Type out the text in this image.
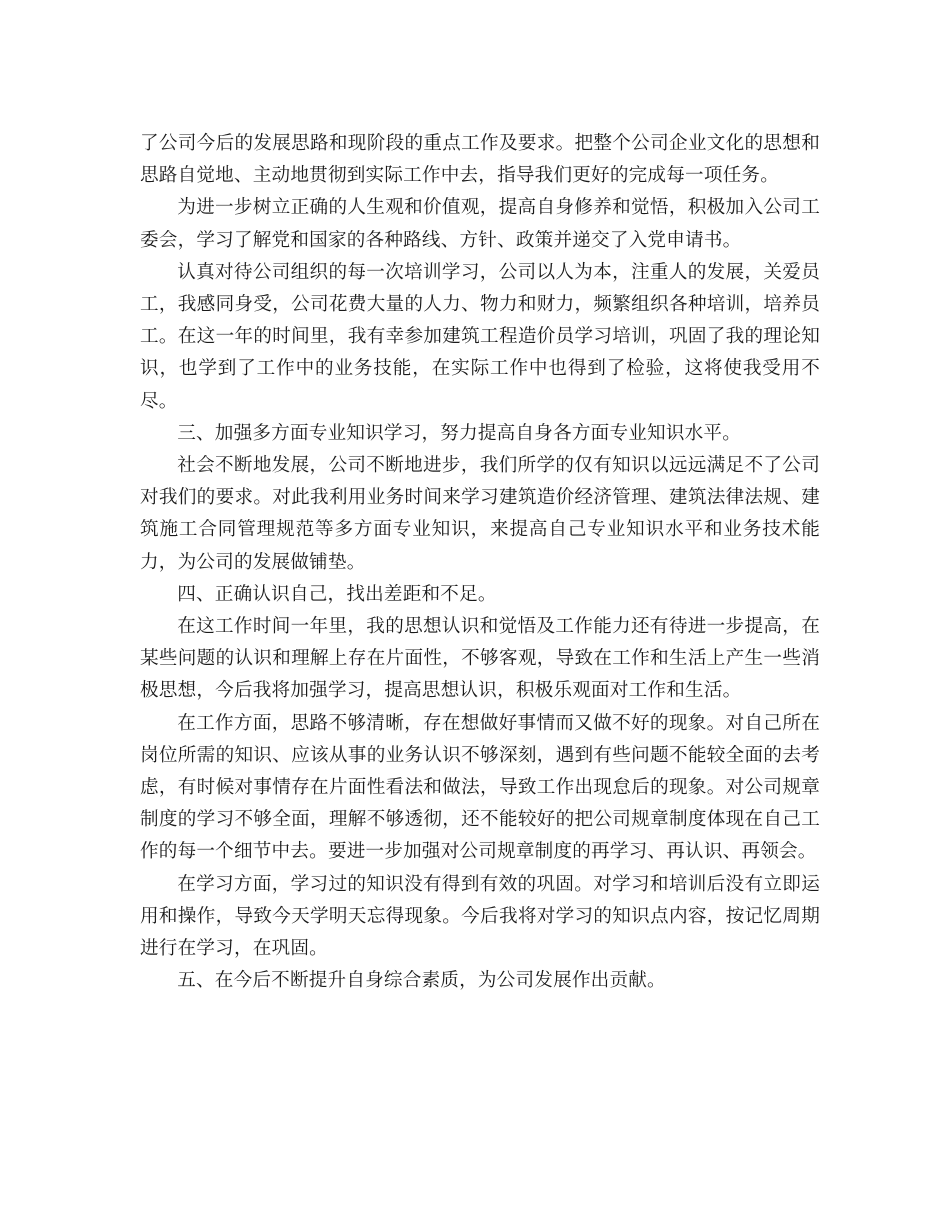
了公司今后的发展思路和现阶段的重点工作及要求。把整个公司企业文化的思想和思路自觉地、主动地贯彻到实际工作中去，指导我们更好的完成每一项任务。

为进一步树立正确的人生观和价值观，提高自身修养和觉悟，积极加入公司工委会，学习了解党和国家的各种路线、方针、政策并递交了入党申请书。

认真对待公司组织的每一次培训学习，公司以人为本，注重人的发展，关爱员工，我感同身受，公司花费大量的人力、物力和财力，频繁组织各种培训，培养员工。在这一年的时间里，我有幸参加建筑工程造价员学习培训，巩固了我的理论知识，也学到了工作中的业务技能，在实际工作中也得到了检验，这将使我受用不尽。

三、加强多方面专业知识学习，努力提高自身各方面专业知识水平。

社会不断地发展，公司不断地进步，我们所学的仅有知识以远远满足不了公司对我们的要求。对此我利用业务时间来学习建筑造价经济管理、建筑法律法规、建筑施工合同管理规范等多方面专业知识，来提高自己专业知识水平和业务技术能力，为公司的发展做铺垫。

四、正确认识自己，找出差距和不足。

在这工作时间一年里，我的思想认识和觉悟及工作能力还有待进一步提高，在某些问题的认识和理解上存在片面性，不够客观，导致在工作和生活上产生一些消极思想，今后我将加强学习，提高思想认识，积极乐观面对工作和生活。

在工作方面，思路不够清晰，存在想做好事情而又做不好的现象。对自己所在岗位所需的知识、应该从事的业务认识不够深刻，遇到有些问题不能较全面的去考虑，有时候对事情存在片面性看法和做法，导致工作出现怠后的现象。对公司规章制度的学习不够全面，理解不够透彻，还不能较好的把公司规章制度体现在自己工作的每一个细节中去。要进一步加强对公司规章制度的再学习、再认识、再领会。

在学习方面，学习过的知识没有得到有效的巩固。对学习和培训后没有立即运用和操作，导致今天学明天忘得现象。今后我将对学习的知识点内容，按记忆周期进行在学习，在巩固。

五、在今后不断提升自身综合素质，为公司发展作出贡献。
